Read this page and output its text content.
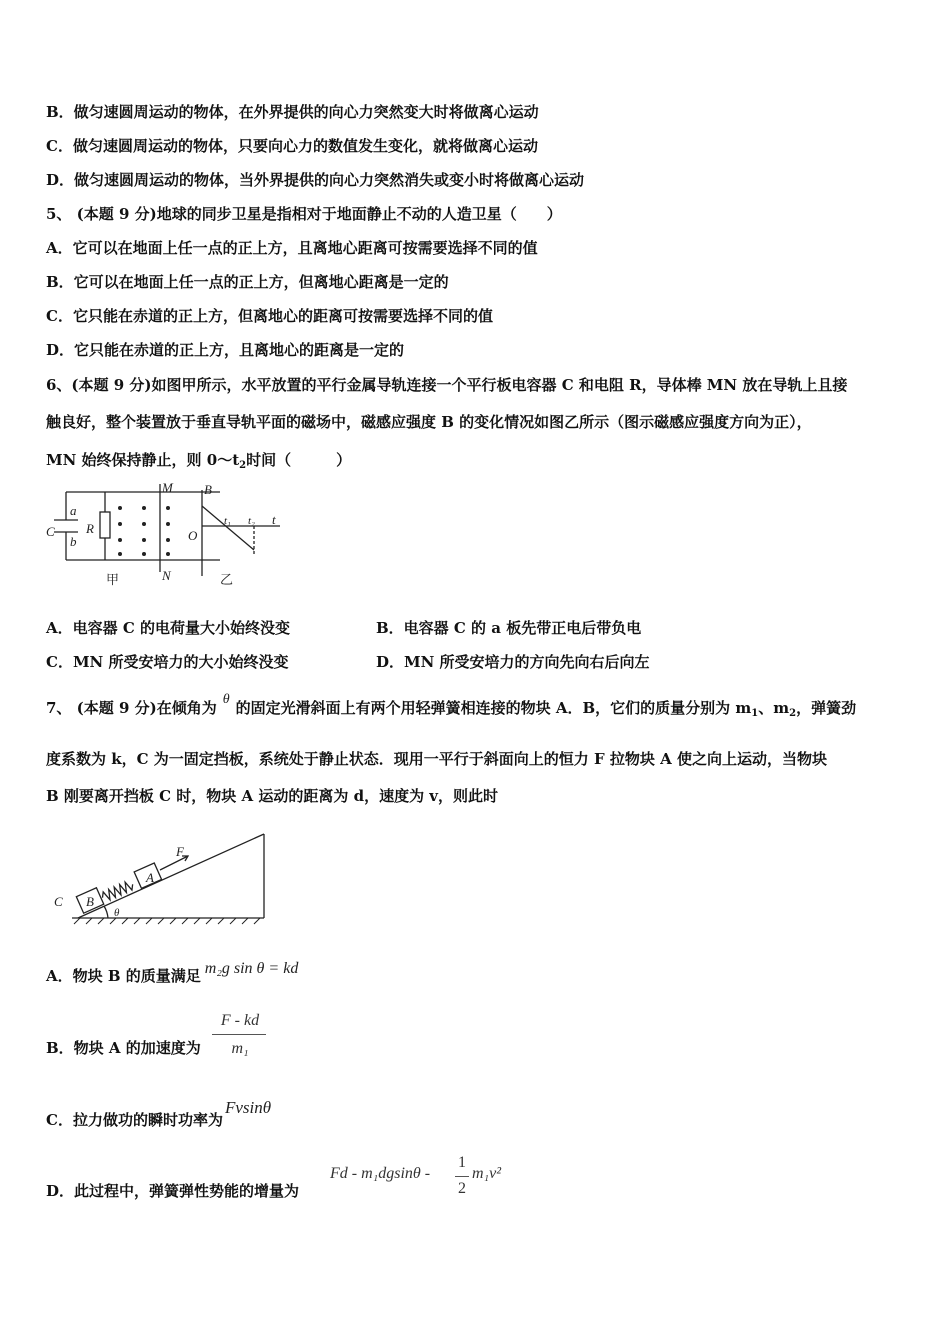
B．做匀速圆周运动的物体，在外界提供的向心力突然变大时将做离心运动
C．做匀速圆周运动的物体，只要向心力的数值发生变化，就将做离心运动
D．做匀速圆周运动的物体，当外界提供的向心力突然消失或变小时将做离心运动
5、 (本题 9 分)地球的同步卫星是指相对于地面静止不动的人造卫星（　　）
A．它可以在地面上任一点的正上方，且离地心距离可按需要选择不同的值
B．它可以在地面上任一点的正上方，但离地心距离是一定的
C．它只能在赤道的正上方，但离地心的距离可按需要选择不同的值
D．它只能在赤道的正上方，且离地心的距离是一定的
6、(本题 9 分)如图甲所示，水平放置的平行金属导轨连接一个平行板电容器 C 和电阻 R，导体棒 MN 放在导轨上且接
触良好，整个装置放于垂直导轨平面的磁场中，磁感应强度 B 的变化情况如图乙所示（图示磁感应强度方向为正），
MN 始终保持静止，则 $0\sim t_2$时间（　　　）
C
a
b
R
M
N
B
O
t₁ t₂ t
甲	乙
A．电容器 C 的电荷量大小始终没变	B．电容器 C 的 a 板先带正电后带负电
C．MN 所受安培力的大小始终没变	D．MN 所受安培力的方向先向右后向左
7、 (本题 9 分)在倾角为 θ 的固定光滑斜面上有两个用轻弹簧相连接的物块 A．B，它们的质量分别为 $m_1$、$m_2$，弹簧劲
度系数为 k，C 为一固定挡板，系统处于静止状态．现用一平行于斜面向上的恒力 F 拉物块 A 使之向上运动，当物块
B 刚要离开挡板 C 时，物块 A 运动的距离为 d，速度为 v，则此时
C B
A
F
θ
A．物块 B 的质量满足 m₂g sin θ = kd
B．物块 A 的加速度为
F - kd
m₁
C．拉力做功的瞬时功率为Fvsinθ
D．此过程中，弹簧弹性势能的增量为
Fd - m₁dgsinθ -
1
2
m₁v²
